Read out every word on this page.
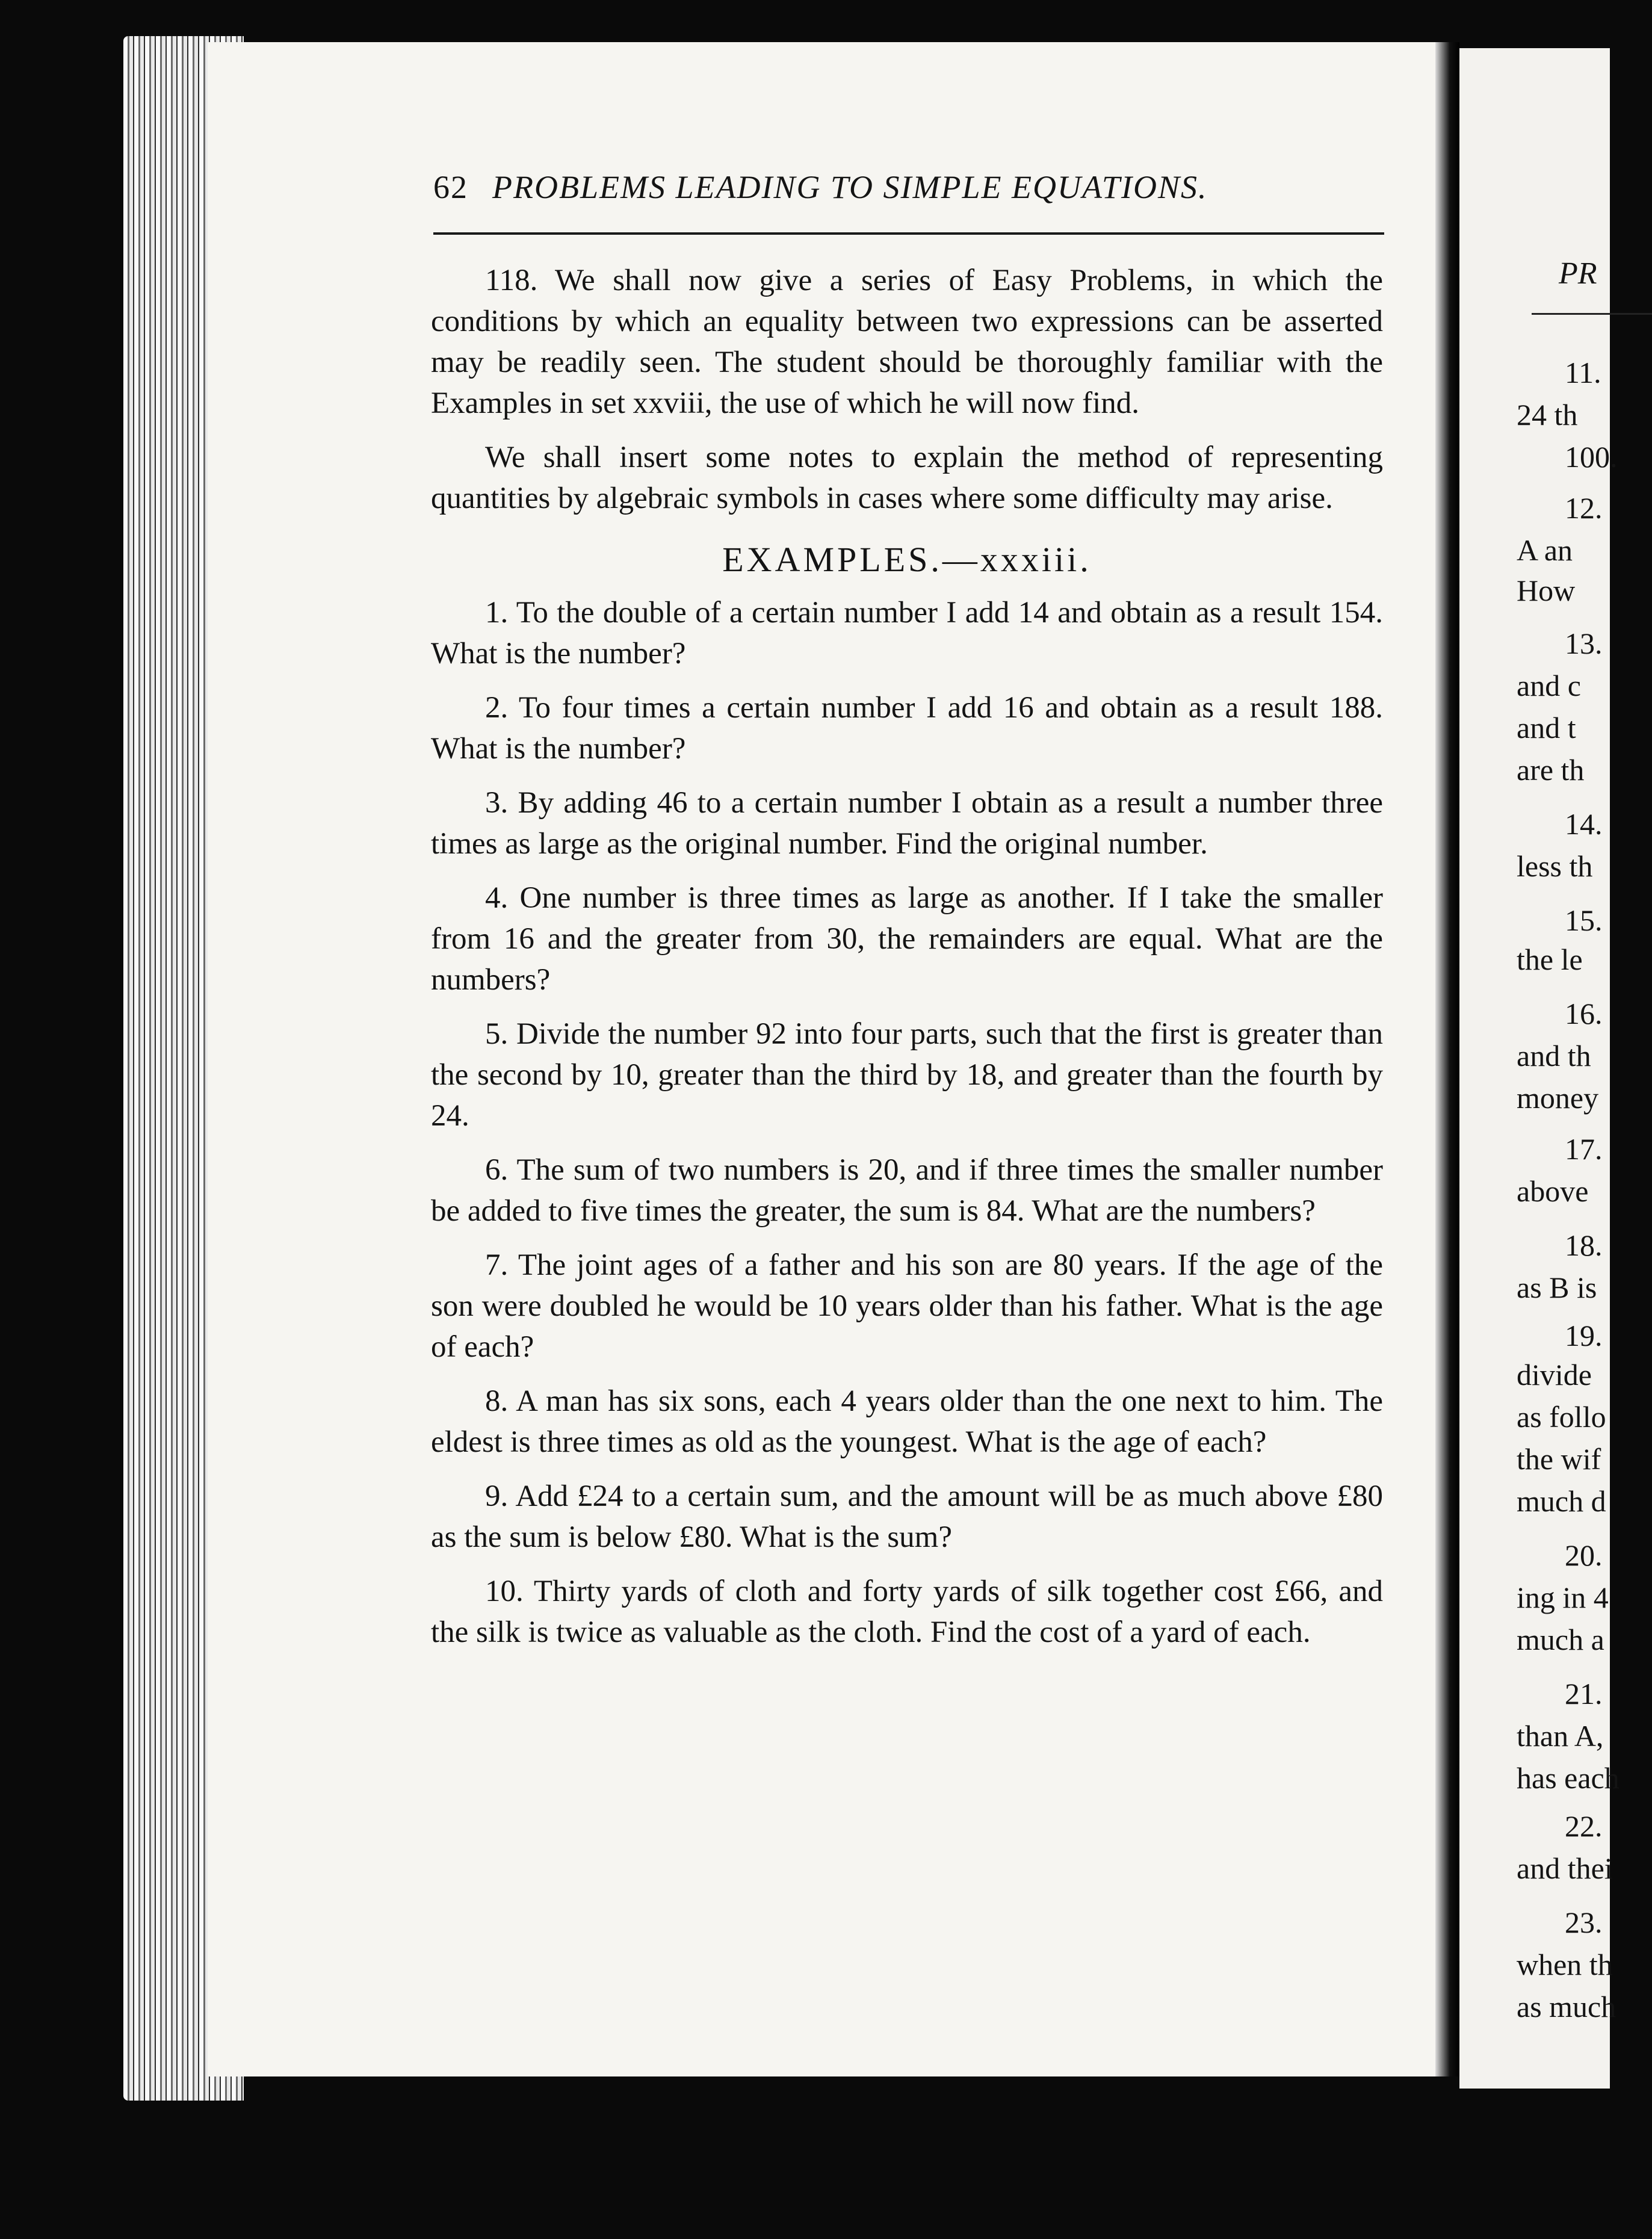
PR
11.
24 th
100.
12.
A an
How
13.
and c
and t
are th
14.
less th
15.
the le
16.
and th
money
17.
above
18.
as B is
19.
divide
as follo
the wif
much d
20.
ing in 4
much a
21.
than A,
has each
22.
and thei
23.
when th
as much
62 PROBLEMS LEADING TO SIMPLE EQUATIONS.

118. We shall now give a series of Easy Problems, in which the conditions by which an equality between two expressions can be asserted may be readily seen. The student should be thoroughly familiar with the Examples in set xxviii, the use of which he will now find.

We shall insert some notes to explain the method of representing quantities by algebraic symbols in cases where some difficulty may arise.

EXAMPLES.—xxxiii.

1. To the double of a certain number I add 14 and obtain as a result 154. What is the number?

2. To four times a certain number I add 16 and obtain as a result 188. What is the number?

3. By adding 46 to a certain number I obtain as a result a number three times as large as the original number. Find the original number.

4. One number is three times as large as another. If I take the smaller from 16 and the greater from 30, the remainders are equal. What are the numbers?

5. Divide the number 92 into four parts, such that the first is greater than the second by 10, greater than the third by 18, and greater than the fourth by 24.

6. The sum of two numbers is 20, and if three times the smaller number be added to five times the greater, the sum is 84. What are the numbers?

7. The joint ages of a father and his son are 80 years. If the age of the son were doubled he would be 10 years older than his father. What is the age of each?

8. A man has six sons, each 4 years older than the one next to him. The eldest is three times as old as the youngest. What is the age of each?

9. Add £24 to a certain sum, and the amount will be as much above £80 as the sum is below £80. What is the sum?

10. Thirty yards of cloth and forty yards of silk together cost £66, and the silk is twice as valuable as the cloth. Find the cost of a yard of each.
